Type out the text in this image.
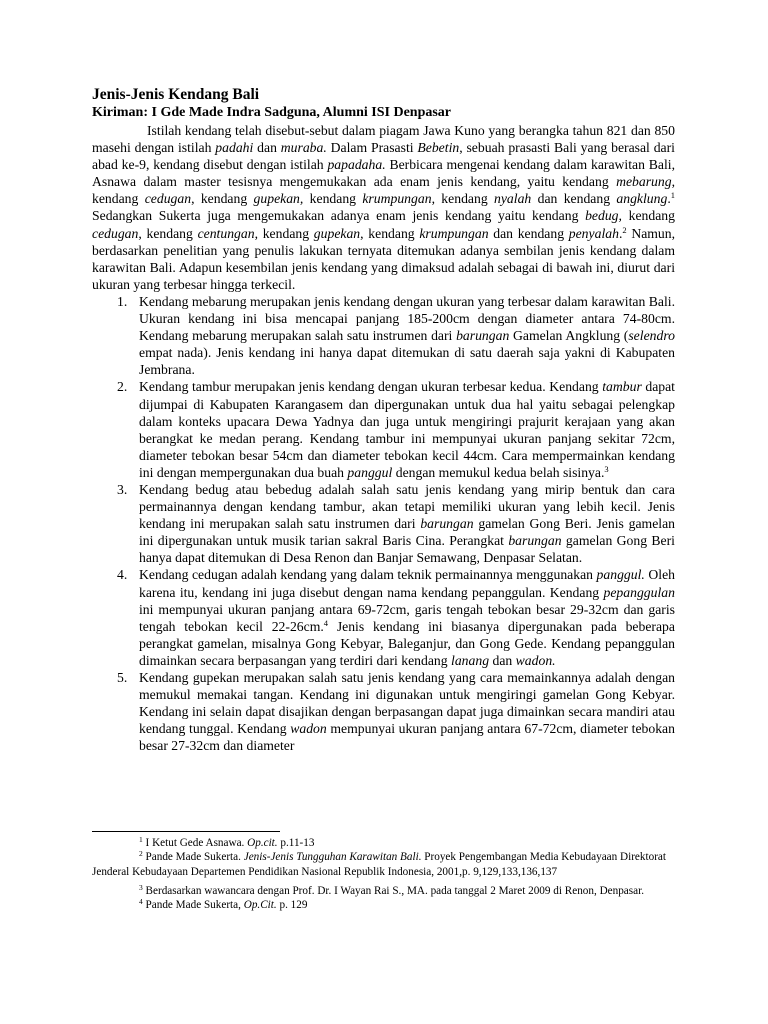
Jenis-Jenis Kendang Bali
Kiriman: I Gde Made Indra Sadguna, Alumni ISI Denpasar

Istilah kendang telah disebut-sebut dalam piagam Jawa Kuno yang berangka tahun 821 dan 850 masehi dengan istilah padahi dan muraba. Dalam Prasasti Bebetin, sebuah prasasti Bali yang berasal dari abad ke-9, kendang disebut dengan istilah papadaha. Berbicara mengenai kendang dalam karawitan Bali, Asnawa dalam master tesisnya mengemukakan ada enam jenis kendang, yaitu kendang mebarung, kendang cedugan, kendang gupekan, kendang krumpungan, kendang nyalah dan kendang angklung.$^1$ Sedangkan Sukerta juga mengemukakan adanya enam jenis kendang yaitu kendang bedug, kendang cedugan, kendang centungan, kendang gupekan, kendang krumpungan dan kendang penyalah.$^2$ Namun, berdasarkan penelitian yang penulis lakukan ternyata ditemukan adanya sembilan jenis kendang dalam karawitan Bali. Adapun kesembilan jenis kendang yang dimaksud adalah sebagai di bawah ini, diurut dari ukuran yang terbesar hingga terkecil.

1. Kendang mebarung merupakan jenis kendang dengan ukuran yang terbesar dalam karawitan Bali. Ukuran kendang ini bisa mencapai panjang 185-200cm dengan diameter antara 74-80cm. Kendang mebarung merupakan salah satu instrumen dari barungan Gamelan Angklung (selendro empat nada). Jenis kendang ini hanya dapat ditemukan di satu daerah saja yakni di Kabupaten Jembrana.
2. Kendang tambur merupakan jenis kendang dengan ukuran terbesar kedua. Kendang tambur dapat dijumpai di Kabupaten Karangasem dan dipergunakan untuk dua hal yaitu sebagai pelengkap dalam konteks upacara Dewa Yadnya dan juga untuk mengiringi prajurit kerajaan yang akan berangkat ke medan perang. Kendang tambur ini mempunyai ukuran panjang sekitar 72cm, diameter tebokan besar 54cm dan diameter tebokan kecil 44cm. Cara mempermainkan kendang ini dengan mempergunakan dua buah panggul dengan memukul kedua belah sisinya.$^3$
3. Kendang bedug atau bebedug adalah salah satu jenis kendang yang mirip bentuk dan cara permainannya dengan kendang tambur, akan tetapi memiliki ukuran yang lebih kecil. Jenis kendang ini merupakan salah satu instrumen dari barungan gamelan Gong Beri. Jenis gamelan ini dipergunakan untuk musik tarian sakral Baris Cina. Perangkat barungan gamelan Gong Beri hanya dapat ditemukan di Desa Renon dan Banjar Semawang, Denpasar Selatan.
4. Kendang cedugan adalah kendang yang dalam teknik permainannya menggunakan panggul. Oleh karena itu, kendang ini juga disebut dengan nama kendang pepanggulan. Kendang pepanggulan ini mempunyai ukuran panjang antara 69-72cm, garis tengah tebokan besar 29-32cm dan garis tengah tebokan kecil 22-26cm.$^4$ Jenis kendang ini biasanya dipergunakan pada beberapa perangkat gamelan, misalnya Gong Kebyar, Baleganjur, dan Gong Gede. Kendang pepanggulan dimainkan secara berpasangan yang terdiri dari kendang lanang dan wadon.
5. Kendang gupekan merupakan salah satu jenis kendang yang cara memainkannya adalah dengan memukul memakai tangan. Kendang ini digunakan untuk mengiringi gamelan Gong Kebyar. Kendang ini selain dapat disajikan dengan berpasangan dapat juga dimainkan secara mandiri atau kendang tunggal. Kendang wadon mempunyai ukuran panjang antara 67-72cm, diameter tebokan besar 27-32cm dan diameter

$^1$ I Ketut Gede Asnawa. Op.cit. p.11-13

$^2$ Pande Made Sukerta. Jenis-Jenis Tungguhan Karawitan Bali. Proyek Pengembangan Media Kebudayaan Direktorat Jenderal Kebudayaan Departemen Pendidikan Nasional Republik Indonesia, 2001,p. 9,129,133,136,137

$^3$ Berdasarkan wawancara dengan Prof. Dr. I Wayan Rai S., MA. pada tanggal 2 Maret 2009 di Renon, Denpasar.

$^4$ Pande Made Sukerta, Op.Cit. p. 129
